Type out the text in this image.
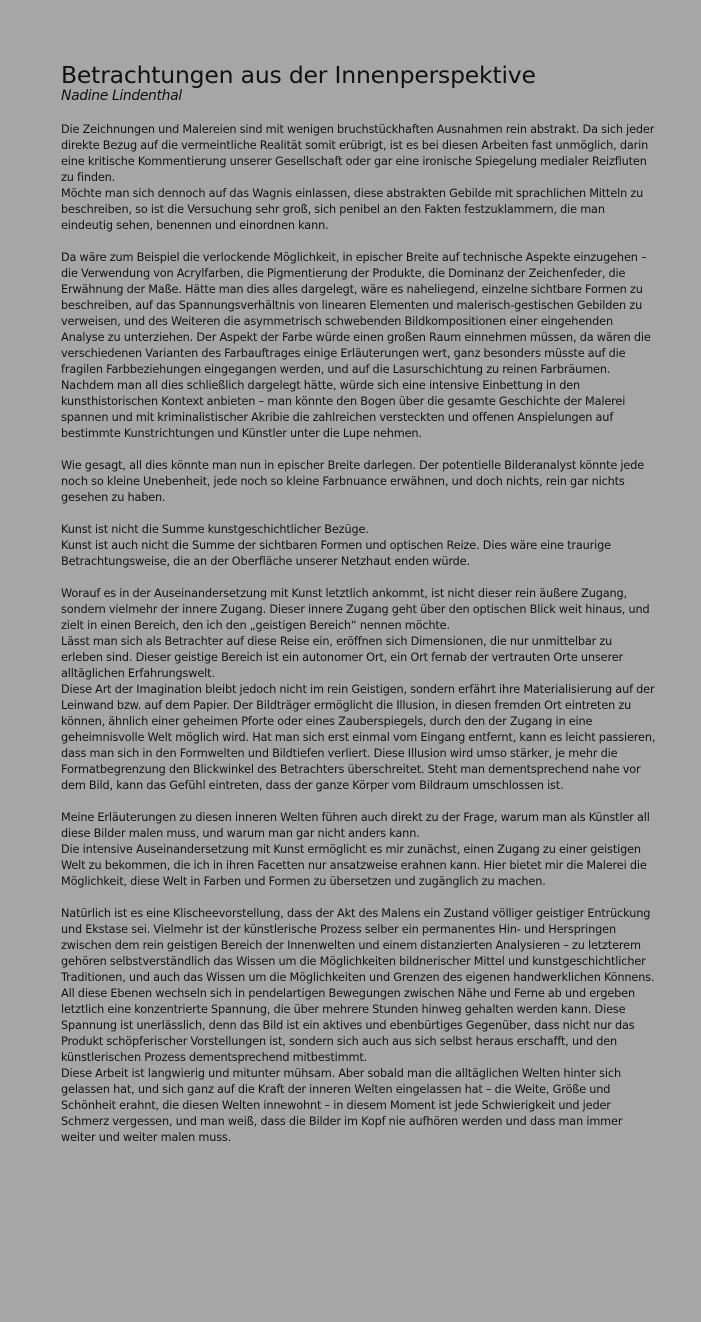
Betrachtungen aus der Innenperspektive
Nadine Lindenthal

Die Zeichnungen und Malereien sind mit wenigen bruchstückhaften Ausnahmen rein abstrakt. Da sich jeder direkte Bezug auf die vermeintliche Realität somit erübrigt, ist es bei diesen Arbeiten fast unmöglich, darin eine kritische Kommentierung unserer Gesellschaft oder gar eine ironische Spiegelung medialer Reizfluten zu finden.

Möchte man sich dennoch auf das Wagnis einlassen, diese abstrakten Gebilde mit sprachlichen Mitteln zu beschreiben, so ist die Versuchung sehr groß, sich penibel an den Fakten festzuklammern, die man eindeutig sehen, benennen und einordnen kann.

Da wäre zum Beispiel die verlockende Möglichkeit, in epischer Breite auf technische Aspekte einzugehen – die Verwendung von Acrylfarben, die Pigmentierung der Produkte, die Dominanz der Zeichenfeder, die Erwähnung der Maße. Hätte man dies alles dargelegt, wäre es naheliegend, einzelne sichtbare Formen zu beschreiben, auf das Spannungsverhältnis von linearen Elementen und malerisch-gestischen Gebilden zu verweisen, und des Weiteren die asymmetrisch schwebenden Bildkompositionen einer eingehenden Analyse zu unterziehen. Der Aspekt der Farbe würde einen großen Raum einnehmen müssen, da wären die verschiedenen Varianten des Farbauftrages einige Erläuterungen wert, ganz besonders müsste auf die fragilen Farbbeziehungen eingegangen werden, und auf die Lasurschichtung zu reinen Farbräumen.

Nachdem man all dies schließlich dargelegt hätte, würde sich eine intensive Einbettung in den kunsthistorischen Kontext anbieten – man könnte den Bogen über die gesamte Geschichte der Malerei spannen und mit kriminalistischer Akribie die zahlreichen versteckten und offenen Anspielungen auf bestimmte Kunstrichtungen und Künstler unter die Lupe nehmen.

Wie gesagt, all dies könnte man nun in epischer Breite darlegen. Der potentielle Bilderanalyst könnte jede noch so kleine Unebenheit, jede noch so kleine Farbnuance erwähnen, und doch nichts, rein gar nichts gesehen zu haben.

Kunst ist nicht die Summe kunstgeschichtlicher Bezüge.

Kunst ist auch nicht die Summe der sichtbaren Formen und optischen Reize. Dies wäre eine traurige Betrachtungsweise, die an der Oberfläche unserer Netzhaut enden würde.

Worauf es in der Auseinandersetzung mit Kunst letztlich ankommt, ist nicht dieser rein äußere Zugang, sondern vielmehr der innere Zugang. Dieser innere Zugang geht über den optischen Blick weit hinaus, und zielt in einen Bereich, den ich den „geistigen Bereich“ nennen möchte.

Lässt man sich als Betrachter auf diese Reise ein, eröffnen sich Dimensionen, die nur unmittelbar zu erleben sind. Dieser geistige Bereich ist ein autonomer Ort, ein Ort fernab der vertrauten Orte unserer alltäglichen Erfahrungswelt.

Diese Art der Imagination bleibt jedoch nicht im rein Geistigen, sondern erfährt ihre Materialisierung auf der Leinwand bzw. auf dem Papier. Der Bildträger ermöglicht die Illusion, in diesen fremden Ort eintreten zu können, ähnlich einer geheimen Pforte oder eines Zauberspiegels, durch den der Zugang in eine geheimnisvolle Welt möglich wird. Hat man sich erst einmal vom Eingang entfernt, kann es leicht passieren, dass man sich in den Formwelten und Bildtiefen verliert. Diese Illusion wird umso stärker, je mehr die Formatbegrenzung den Blickwinkel des Betrachters überschreitet. Steht man dementsprechend nahe vor dem Bild, kann das Gefühl eintreten, dass der ganze Körper vom Bildraum umschlossen ist.

Meine Erläuterungen zu diesen inneren Welten führen auch direkt zu der Frage, warum man als Künstler all diese Bilder malen muss, und warum man gar nicht anders kann.

Die intensive Auseinandersetzung mit Kunst ermöglicht es mir zunächst, einen Zugang zu einer geistigen Welt zu bekommen, die ich in ihren Facetten nur ansatzweise erahnen kann. Hier bietet mir die Malerei die Möglichkeit, diese Welt in Farben und Formen zu übersetzen und zugänglich zu machen.

Natürlich ist es eine Klischeevorstellung, dass der Akt des Malens ein Zustand völliger geistiger Entrückung und Ekstase sei. Vielmehr ist der künstlerische Prozess selber ein permanentes Hin- und Herspringen zwischen dem rein geistigen Bereich der Innenwelten und einem distanzierten Analysieren – zu letzterem gehören selbstverständlich das Wissen um die Möglichkeiten bildnerischer Mittel und kunstgeschichtlicher Traditionen, und auch das Wissen um die Möglichkeiten und Grenzen des eigenen handwerklichen Könnens. All diese Ebenen wechseln sich in pendelartigen Bewegungen zwischen Nähe und Ferne ab und ergeben letztlich eine konzentrierte Spannung, die über mehrere Stunden hinweg gehalten werden kann. Diese Spannung ist unerlässlich, denn das Bild ist ein aktives und ebenbürtiges Gegenüber, dass nicht nur das Produkt schöpferischer Vorstellungen ist, sondern sich auch aus sich selbst heraus erschafft, und den künstlerischen Prozess dementsprechend mitbestimmt.

Diese Arbeit ist langwierig und mitunter mühsam. Aber sobald man die alltäglichen Welten hinter sich gelassen hat, und sich ganz auf die Kraft der inneren Welten eingelassen hat – die Weite, Größe und Schönheit erahnt, die diesen Welten innewohnt – in diesem Moment ist jede Schwierigkeit und jeder Schmerz vergessen, und man weiß, dass die Bilder im Kopf nie aufhören werden und dass man immer weiter und weiter malen muss.
